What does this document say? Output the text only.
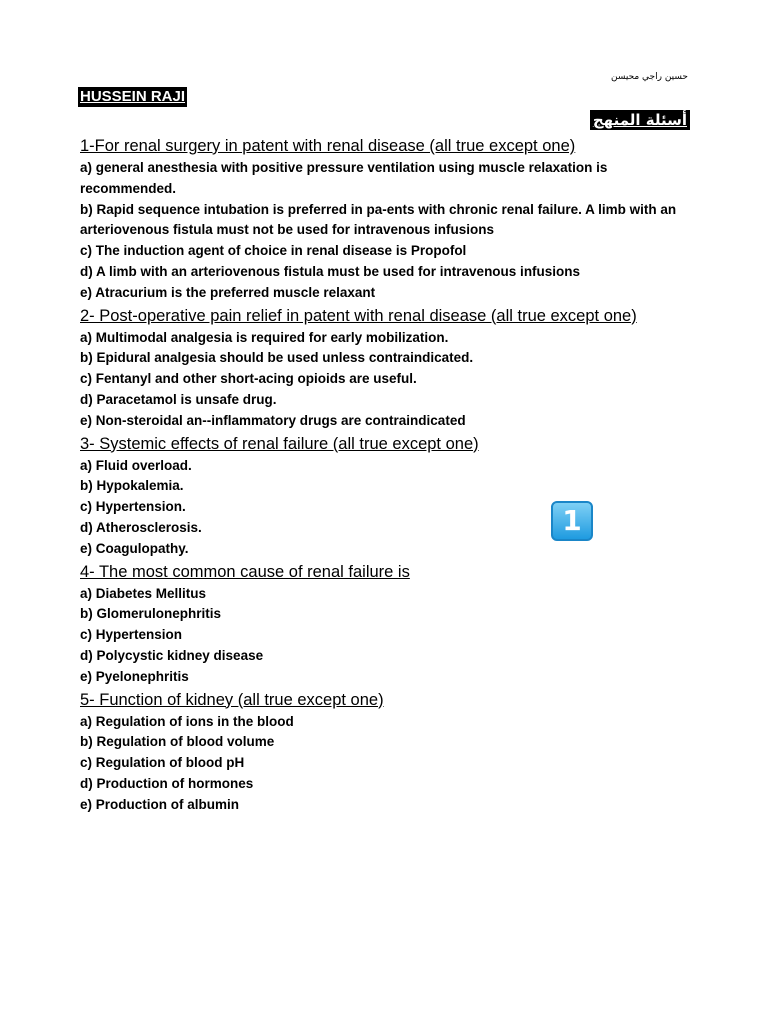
حسين راجي محيسن
HUSSEIN RAJI
أسئلة المنهج
1-For renal surgery in patent with renal disease (all true except one)
a) general anesthesia with positive pressure ventilation using muscle relaxation is recommended.
b) Rapid sequence intubation is preferred in pa-ents with chronic renal failure. A limb with an arteriovenous fistula must not be used for intravenous infusions
c) The induction agent of choice in renal disease is Propofol
d) A limb with an arteriovenous fistula must be used for intravenous infusions
e) Atracurium is the preferred muscle relaxant
2- Post-operative pain relief in patent with renal disease (all true except one)
a) Multimodal analgesia is required for early mobilization.
b) Epidural analgesia should be used unless contraindicated.
c) Fentanyl and other short-acing opioids are useful.
d) Paracetamol is unsafe drug.
e) Non-steroidal an--inflammatory drugs are contraindicated
3- Systemic effects of renal failure (all true except one)
a) Fluid overload.
b) Hypokalemia.
c) Hypertension.
d) Atherosclerosis.
e) Coagulopathy.
4- The most common cause of renal failure is
a) Diabetes Mellitus
b) Glomerulonephritis
c) Hypertension
d) Polycystic kidney disease
e) Pyelonephritis
5- Function of kidney (all true except one)
a) Regulation of ions in the blood
b) Regulation of blood volume
c) Regulation of blood pH
d) Production of hormones
e) Production of albumin
1
